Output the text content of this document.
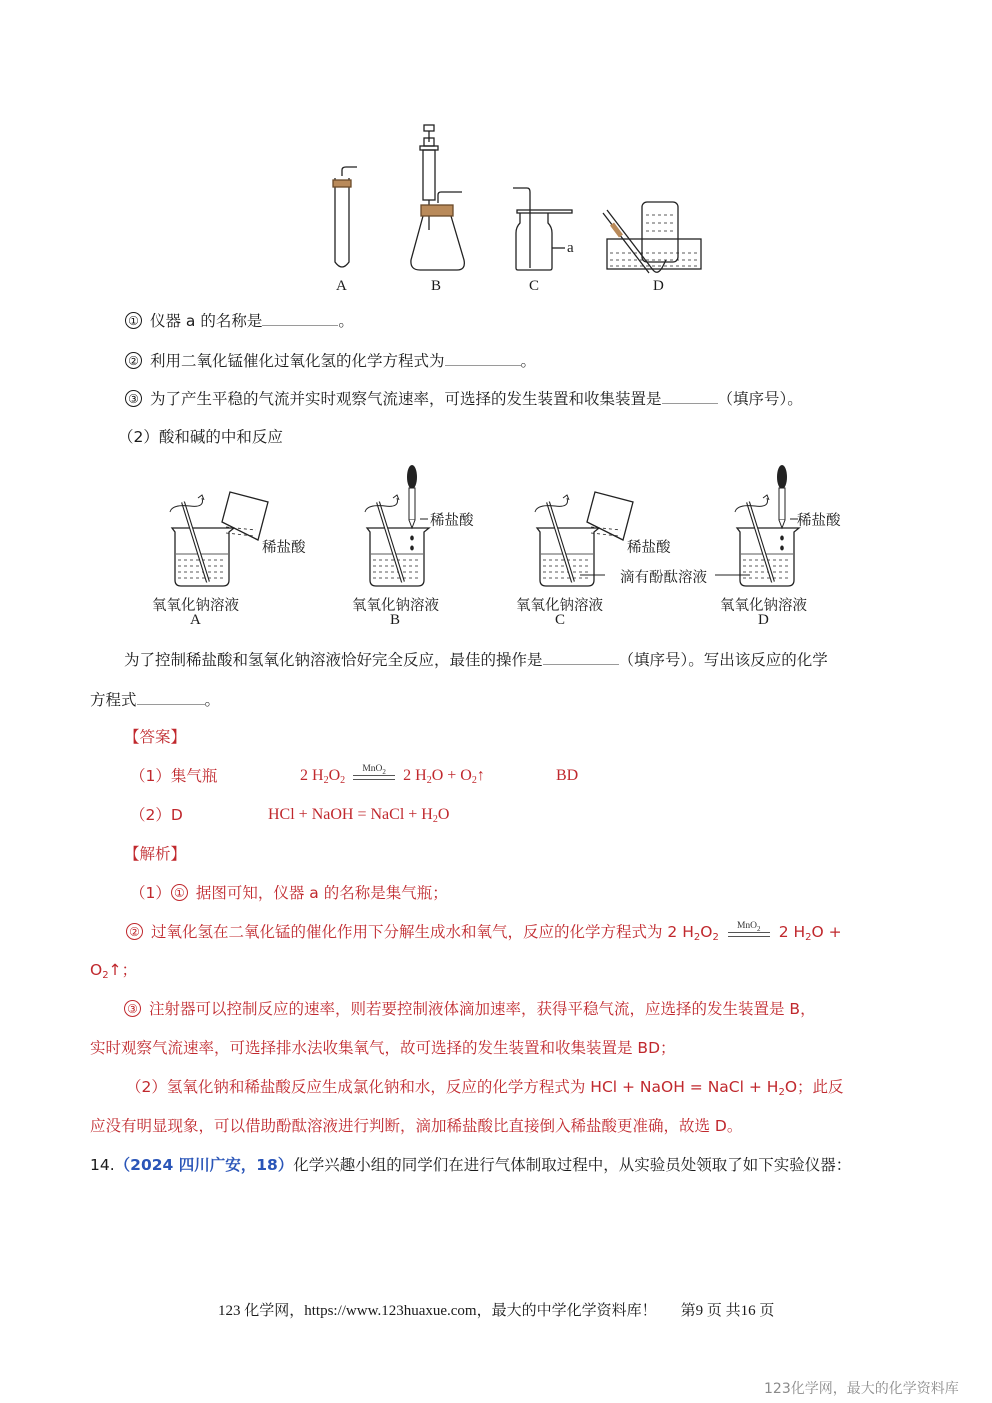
A	B	C	D
a
① 仪器 a 的名称是	。
② 利用二氧化锰催化过氧化氢的化学方程式为	。
③ 为了产生平稳的气流并实时观察气流速率，可选择的发生装置和收集装置是	（填序号）。
（2）酸和碱的中和反应
稀盐酸
稀盐酸
稀盐酸
稀盐酸
滴有酚酞溶液
氧氧化钠溶液	氧氧化钠溶液	氧氧化钠溶液	氧氧化钠溶液
A	B	C	D
为了控制稀盐酸和氢氧化钠溶液恰好完全反应，最佳的操作是	（填序号）。写出该反应的化学
方程式	。
【答案】
（1）集气瓶	2 $H_2O_2$
MnO$_2$	2 $H_2O$ + $O_2↑$	BD
（2）D	HCl + NaOH = NaCl + $H_2O$
【解析】
（1） ① 据图可知，仪器 a 的名称是集气瓶；
② 过氧化氢在二氧化锰的催化作用下分解生成水和氧气，反应的化学方程式为 2 $H_2O_2$
MnO$_2$	2 $H_2O$ +
$O_2↑$；
③ 注射器可以控制反应的速率，则若要控制液体滴加速率，获得平稳气流，应选择的发生装置是 B，
实时观察气流速率，可选择排水法收集氧气，故可选择的发生装置和收集装置是 BD；
（2）氢氧化钠和稀盐酸反应生成氯化钠和水，反应的化学方程式为 HCl + NaOH = NaCl + $H_2O$；此反
应没有明显现象，可以借助酚酞溶液进行判断，滴加稀盐酸比直接倒入稀盐酸更准确，故选 D。
14.（2024 四川广安，18）化学兴趣小组的同学们在进行气体制取过程中，从实验员处领取了如下实验仪器：
123 化学网，https://www.123huaxue.com，最大的中学化学资料库！ 第9 页 共16 页
123化学网，最大的化学资料库
